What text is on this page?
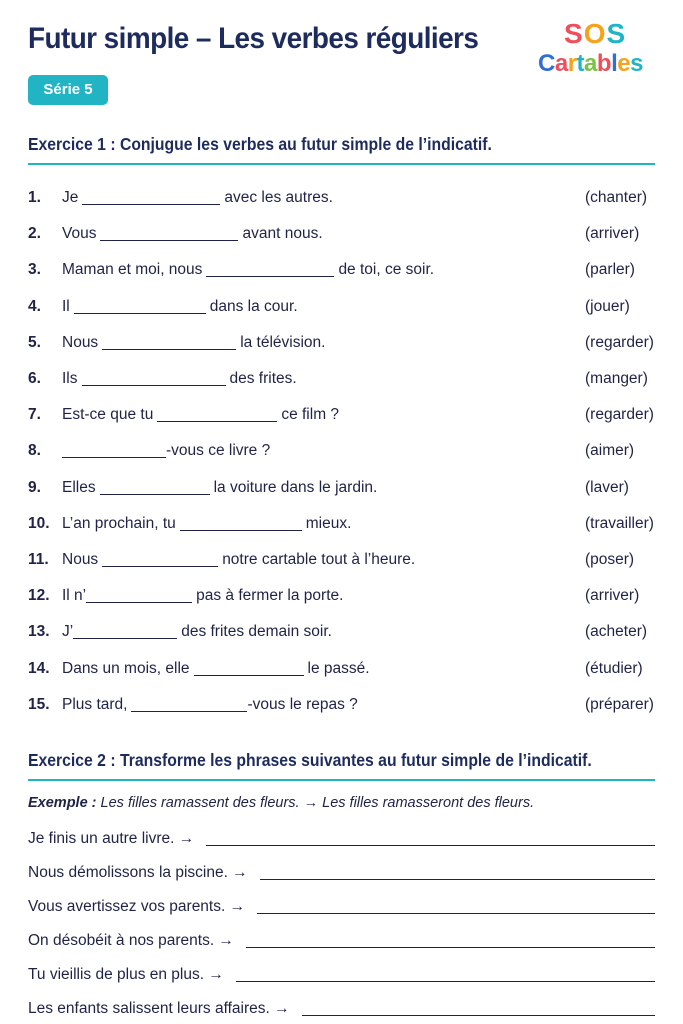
Futur simple – Les verbes réguliers	SOS
Cartables
Série 5
Exercice 1 : Conjugue les verbes au futur simple de l’indicatif.
1.	Je	avec les autres.	(chanter)
2.	Vous	avant nous.	(arriver)
3.	Maman et moi, nous	de toi, ce soir.	(parler)
4.	Il	dans la cour.	(jouer)
5.	Nous	la télévision.	(regarder)
6.	Ils	des frites.	(manger)
7.	Est-ce que tu	ce film ?	(regarder)
8.	-vous ce livre ?	(aimer)
9.	Elles	la voiture dans le jardin.	(laver)
10. L’an prochain, tu	mieux.	(travailler)
11. Nous	notre cartable tout à l’heure.	(poser)
12. Il n’	pas à fermer la porte.	(arriver)
13. J’	des frites demain soir.	(acheter)
14. Dans un mois, elle	le passé.	(étudier)
15. Plus tard,	-vous le repas ?	(préparer)
Exercice 2 : Transforme les phrases suivantes au futur simple de l’indicatif.
Exemple : Les filles ramassent des fleurs. → Les filles ramasseront des fleurs.
Je finis un autre livre. →
Nous démolissons la piscine. →
Vous avertissez vos parents. →
On désobéit à nos parents. →
Tu vieillis de plus en plus. →
Les enfants salissent leurs affaires. →
